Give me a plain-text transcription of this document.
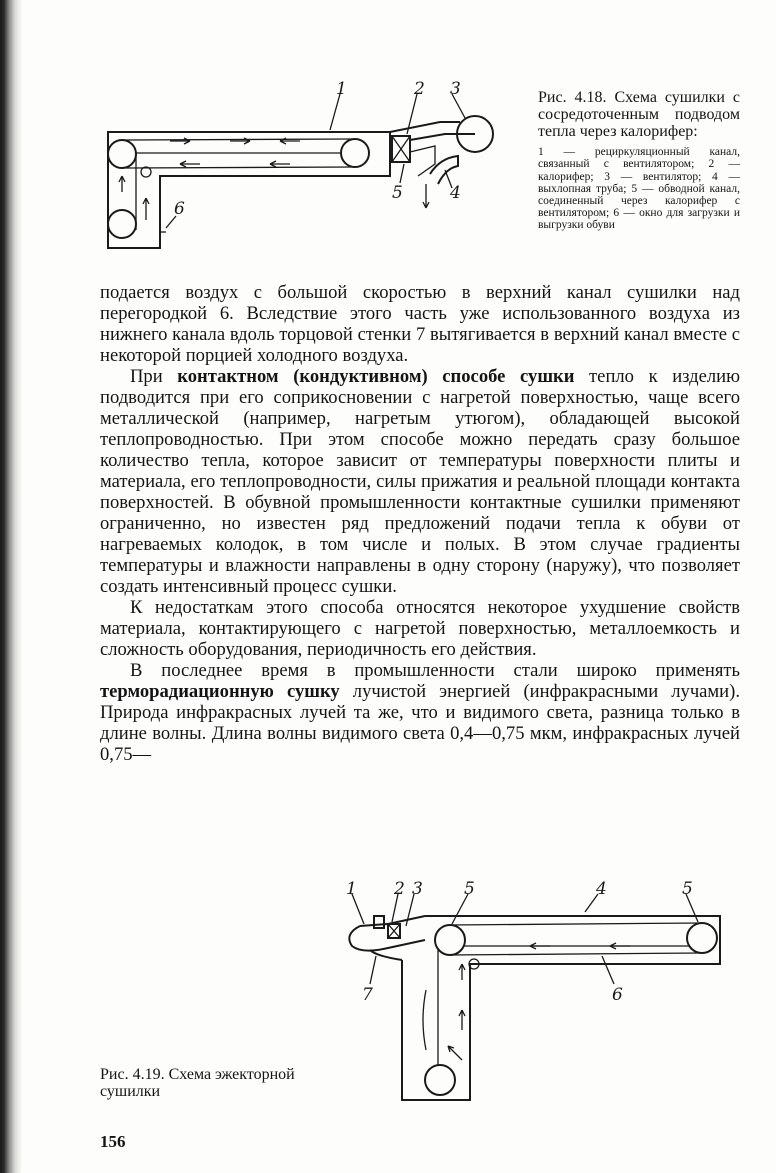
1	2 3
4
5
6
Рис. 4.18. Схема сушилки с сосредоточенным подводом тепла через калорифер:
1 — рециркуляционный канал, связанный с вентилятором; 2 — калорифер; 3 — вентилятор; 4 — выхлопная труба; 5 — обводной канал, соединенный через калорифер с вентилятором; 6 — окно для загрузки и выгрузки обуви

подается воздух с большой скоростью в верхний канал сушилки над перегородкой 6. Вследствие этого часть уже использованного воздуха из нижнего канала вдоль торцовой стенки 7 вытягивается в верхний канал вместе с некоторой порцией холодного воздуха.

При контактном (кондуктивном) способе сушки тепло к изделию подводится при его соприкосновении с нагретой поверхностью, чаще всего металлической (например, нагретым утюгом), обладающей высокой теплопроводностью. При этом способе можно передать сразу большое количество тепла, которое зависит от температуры поверхности плиты и материала, его теплопроводности, силы прижатия и реальной площади контакта поверхностей. В обувной промышленности контактные сушилки применяют ограниченно, но известен ряд предложений подачи тепла к обуви от нагреваемых колодок, в том числе и полых. В этом случае градиенты температуры и влажности направлены в одну сторону (наружу), что позволяет создать интенсивный процесс сушки.

К недостаткам этого способа относятся некоторое ухудшение свойств материала, контактирующего с нагретой поверхностью, металлоемкость и сложность оборудования, периодичность его действия.

В последнее время в промышленности стали широко применять терморадиационную сушку лучистой энергией (инфракрасными лучами). Природа инфракрасных лучей та же, что и видимого света, разница только в длине волны. Длина волны видимого света 0,4—0,75 мкм, инфракрасных лучей 0,75—

1 2 3 5	4	5
7	6
Рис. 4.19. Схема эжекторной сушилки
156
